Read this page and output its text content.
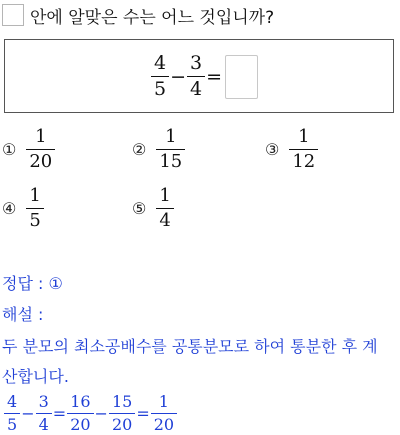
안에 알맞은 수는 어느 것입니까?
$\frac{4}{5} - \frac{3}{4}$ =
① $\frac{1}{20}$	② $\frac{1}{15}$	③ $\frac{1}{12}$
④ $\frac{1}{5}$	⑤ $\frac{1}{4}$
정답 : ①
해설 :
두 분모의 최소공배수를 공통분모로 하여 통분한 후 계
산합니다.
$\frac{4}{5} - \frac{3}{4} = \frac{16}{20} - \frac{15}{20} = \frac{1}{20}$
